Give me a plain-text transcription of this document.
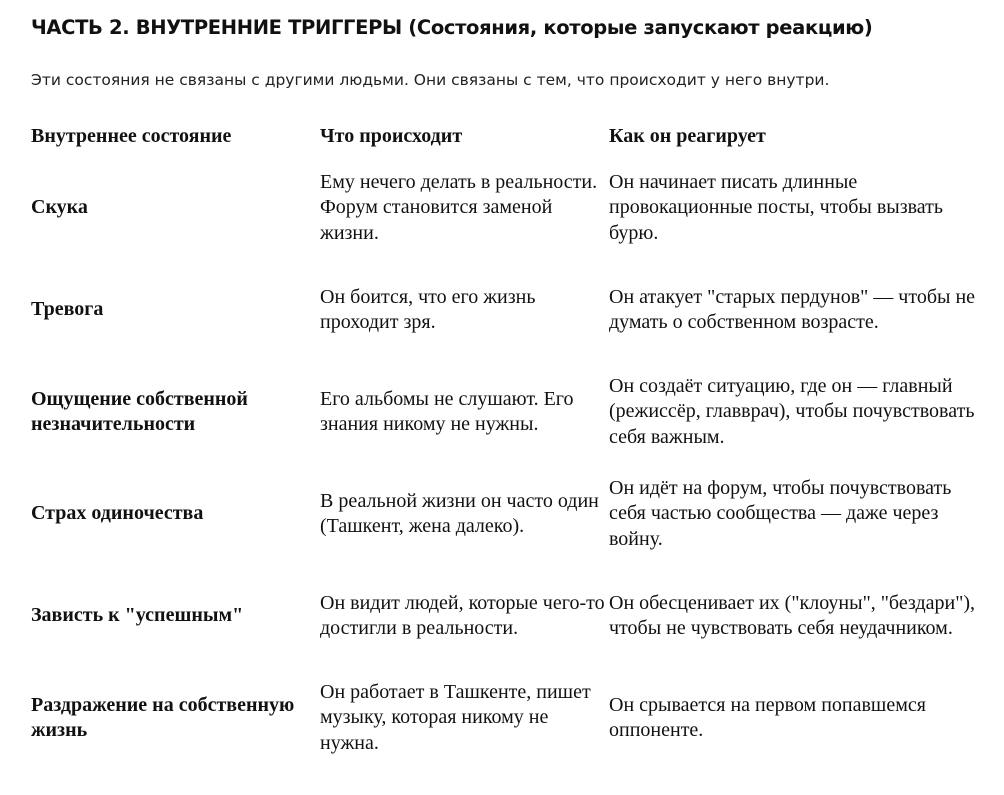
ЧАСТЬ 2. ВНУТРЕННИЕ ТРИГГЕРЫ (Состояния, которые запускают реакцию)

Эти состояния не связаны с другими людьми. Они связаны с тем, что происходит у него внутри.

Внутреннее состояние	Что происходит	Как он реагирует
Скука	Ему нечего делать в реальности. Форум становится заменой жизни.	Он начинает писать длинные провокационные посты, чтобы вызвать бурю.
Тревога	Он боится, что его жизнь проходит зря.	Он атакует "старых пердунов" — чтобы не думать о собственном возрасте.
Ощущение собственной незначительности	Его альбомы не слушают. Его знания никому не нужны.	Он создаёт ситуацию, где он — главный (режиссёр, главврач), чтобы почувствовать себя важным.
Страх одиночества	В реальной жизни он часто один (Ташкент, жена далеко).	Он идёт на форум, чтобы почувствовать себя частью сообщества — даже через войну.
Зависть к "успешным"	Он видит людей, которые чего-то достигли в реальности.	Он обесценивает их ("клоуны", "бездари"), чтобы не чувствовать себя неудачником.
Раздражение на собственную жизнь	Он работает в Ташкенте, пишет музыку, которая никому не нужна.	Он срывается на первом попавшемся оппоненте.
